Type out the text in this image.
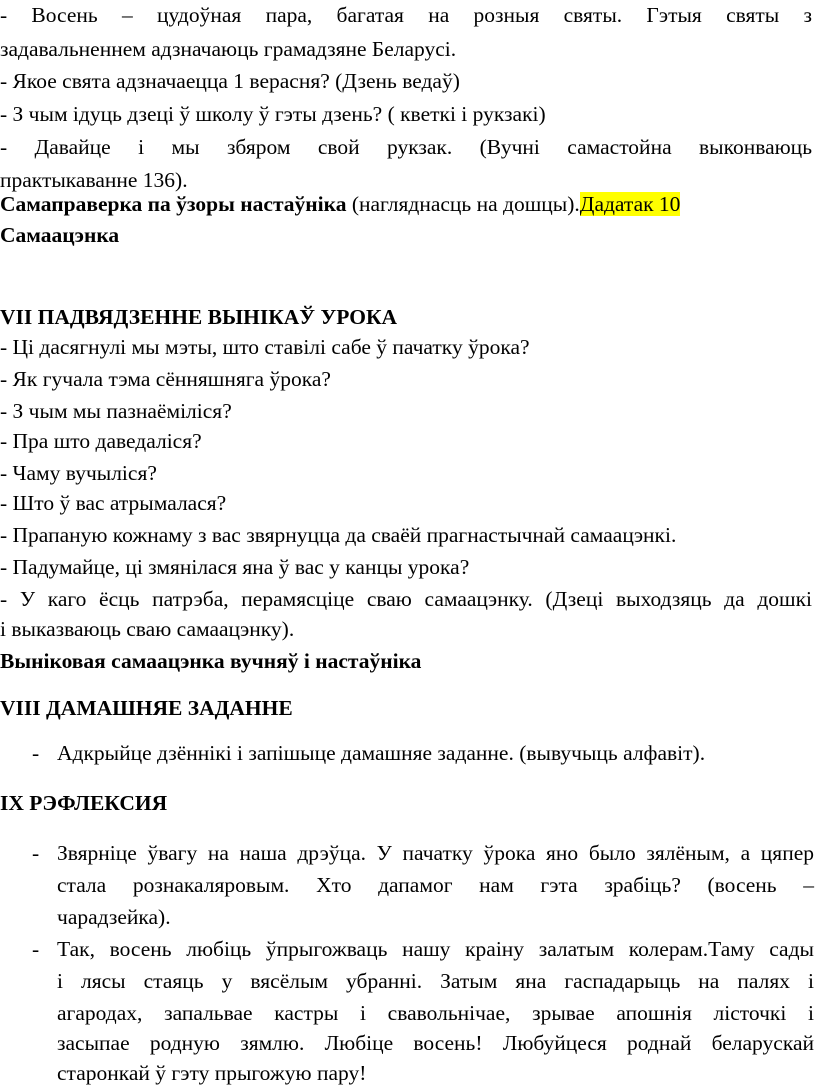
- Восень – цудоўная пара, багатая на розныя святы. Гэтыя святы з
задавальненнем адзначаюць грамадзяне Беларусі.
- Якое свята адзначаецца 1 верасня? (Дзень ведаў)
- З чым ідуць дзеці ў школу ў гэты дзень? ( кветкі і рукзакі)
- Давайце і мы збяром свой рукзак. (Вучні самастойна выконваюць
практыкаванне 136).
Самаправерка па ўзоры настаўніка (нагляднасць на дошцы).Дадатак 10
Самаацэнка
VII ПАДВЯДЗЕННЕ ВЫНІКАЎ УРОКА
- Ці дасягнулі мы мэты, што ставілі сабе ў пачатку ўрока?
- Як гучала тэма сённяшняга ўрока?
- З чым мы пазнаёміліся?
- Пра што даведаліся?
- Чаму вучыліся?
- Што ў вас атрымалася?
- Прапаную кожнаму з вас звярнуцца да сваёй прагнастычнай самаацэнкі.
- Падумайце, ці змянілася яна ў вас у канцы урока?
- У каго ёсць патрэба, перамясціце сваю самаацэнку. (Дзеці выходзяць да дошкі
і выказваюць сваю самаацэнку).
Выніковая самаацэнка вучняў і настаўніка
VIII ДАМАШНЯЕ ЗАДАННЕ
- Адкрыйце дзённікі і запішыце дамашняе заданне. (вывучыць алфавіт).
IX РЭФЛЕКСИЯ
- Звярніце ўвагу на наша дрэўца. У пачатку ўрока яно было зялёным, а цяпер
стала рознакаляровым. Хто дапамог нам гэта зрабіць? (восень –
чарадзейка).
- Так, восень любіць ўпрыгожваць нашу краіну залатым колерам.Таму сады
і лясы стаяць у вясёлым убранні. Затым яна гаспадарыць на палях і
агародах, запальвае кастры і свавольнічае, зрывае апошнія лісточкі і
засыпае родную зямлю. Любіце восень! Любуйцеся роднай беларускай
старонкай ў гэту прыгожую пару!
